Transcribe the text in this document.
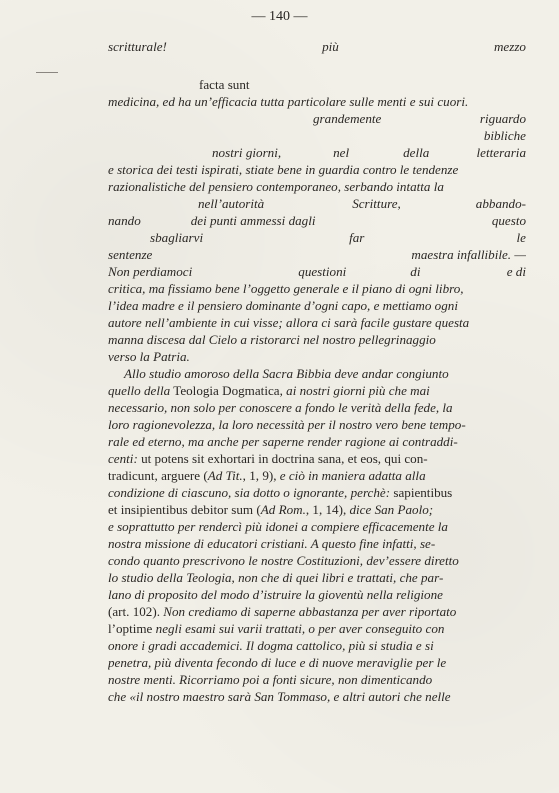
— 140 —
scritturale!	più	mezzo
facta sunt
medicina, ed ha un’efficacia tutta particolare sulle menti e sui cuori.
grandemente	riguardo
bibliche
nostri giorni,	nel	della	letteraria
e storica dei testi ispirati, stiate bene in guardia contro le tendenze
razionalistiche del pensiero contemporaneo, serbando intatta la
nell’autorità	Scritture,	abbando-
nando	dei punti ammessi dagli	questo
sbagliarvi	far	le
sentenze	maestra infallibile. —
Non perdiamoci	questioni	di	e di
critica, ma fissiamo bene l’oggetto generale e il piano di ogni libro,
l’idea madre e il pensiero dominante d’ogni capo, e mettiamo ogni
autore nell’ambiente in cui visse; allora ci sarà facile gustare questa
manna discesa dal Cielo a ristorarci nel nostro pellegrinaggio
verso la Patria.
Allo studio amoroso della Sacra Bibbia deve andar congiunto
quello della Teologia Dogmatica, ai nostri giorni più che mai
necessario, non solo per conoscere a fondo le verità della fede, la
loro ragionevolezza, la loro necessità per il nostro vero bene tempo-
rale ed eterno, ma anche per saperne render ragione ai contraddi-
centi: ut potens sit exhortari in doctrina sana, et eos, qui con-
tradicunt, arguere (Ad Tit., 1, 9), e ciò in maniera adatta alla
condizione di ciascuno, sia dotto o ignorante, perchè: sapientibus
et insipientibus debitor sum (Ad Rom., 1, 14), dice San Paolo;
e soprattutto per rendercì più idonei a compiere efficacemente la
nostra missione di educatori cristiani. A questo fine infatti, se-
condo quanto prescrivono le nostre Costituzioni, dev’essere diretto
lo studio della Teologia, non che di quei libri e trattati, che par-
lano di proposito del modo d’istruire la gioventù nella religione
(art. 102). Non crediamo di saperne abbastanza per aver riportato
l’optime negli esami sui varii trattati, o per aver conseguito con
onore i gradi accademici. Il dogma cattolico, più si studia e si
penetra, più diventa fecondo di luce e di nuove meraviglie per le
nostre menti. Ricorriamo poi a fonti sicure, non dimenticando
che «il nostro maestro sarà San Tommaso, e altri autori che nelle
